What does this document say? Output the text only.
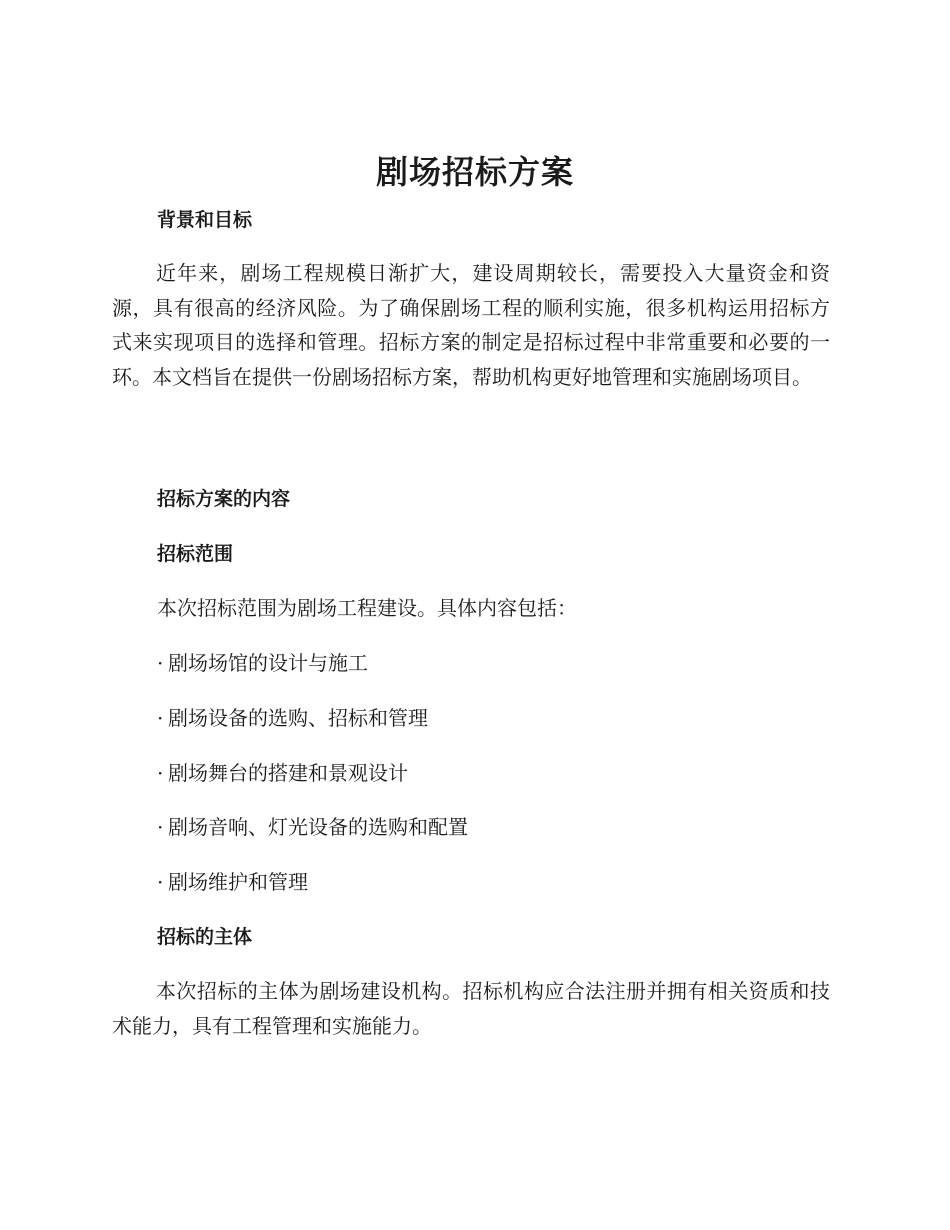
剧场招标方案
背景和目标

近年来，剧场工程规模日渐扩大，建设周期较长，需要投入大量资金和资源，具有很高的经济风险。为了确保剧场工程的顺利实施，很多机构运用招标方式来实现项目的选择和管理。招标方案的制定是招标过程中非常重要和必要的一环。本文档旨在提供一份剧场招标方案，帮助机构更好地管理和实施剧场项目。

招标方案的内容
招标范围

本次招标范围为剧场工程建设。具体内容包括：

· 剧场场馆的设计与施工
· 剧场设备的选购、招标和管理
· 剧场舞台的搭建和景观设计
· 剧场音响、灯光设备的选购和配置
· 剧场维护和管理
招标的主体

本次招标的主体为剧场建设机构。招标机构应合法注册并拥有相关资质和技术能力，具有工程管理和实施能力。
